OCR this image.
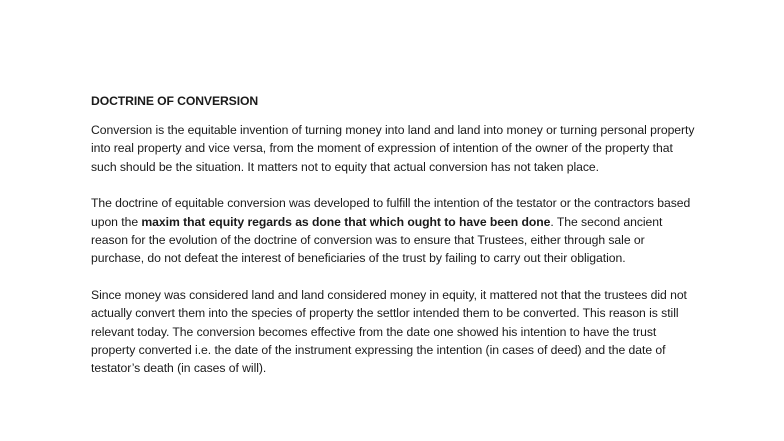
DOCTRINE OF CONVERSION

Conversion is the equitable invention of turning money into land and land into money or turning personal property into real property and vice versa, from the moment of expression of intention of the owner of the property that such should be the situation. It matters not to equity that actual conversion has not taken place.

The doctrine of equitable conversion was developed to fulfill the intention of the testator or the contractors based upon the maxim that equity regards as done that which ought to have been done. The second ancient reason for the evolution of the doctrine of conversion was to ensure that Trustees, either through sale or purchase, do not defeat the interest of beneficiaries of the trust by failing to carry out their obligation.

Since money was considered land and land considered money in equity, it mattered not that the trustees did not actually convert them into the species of property the settlor intended them to be converted. This reason is still relevant today. The conversion becomes effective from the date one showed his intention to have the trust property converted i.e. the date of the instrument expressing the intention (in cases of deed) and the date of testator’s death (in cases of will).
